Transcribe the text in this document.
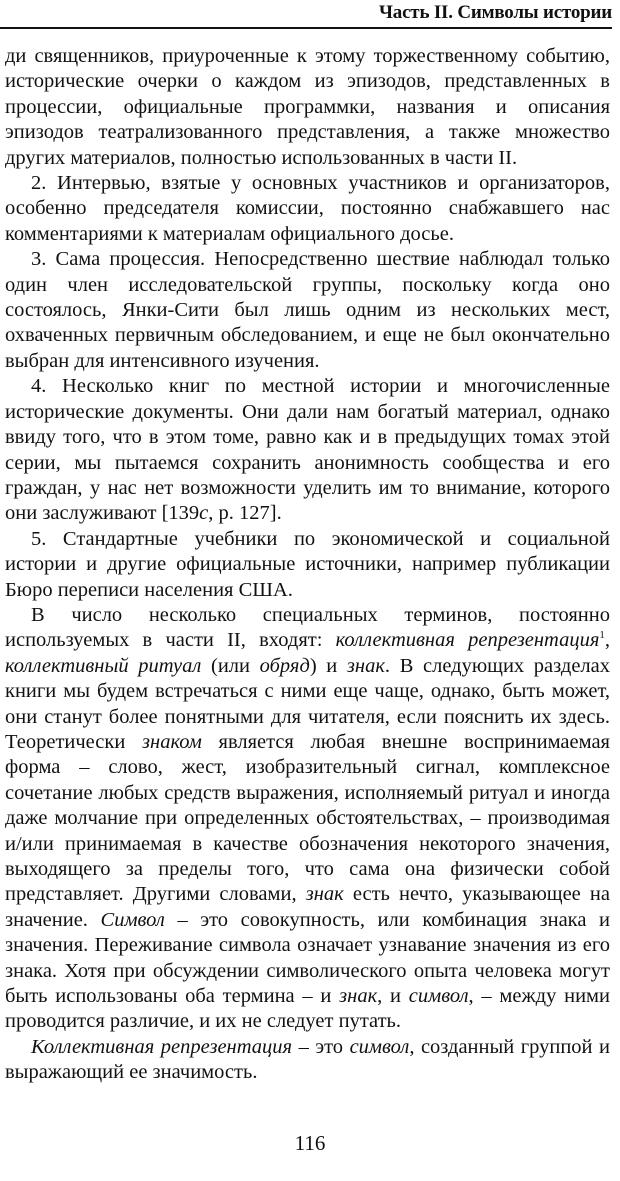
Часть II. Символы истории

ди священников, приуроченные к этому торжественному событию, исторические очерки о каждом из эпизодов, представленных в процессии, официальные программки, названия и описания эпизодов театрализованного представления, а также множество других материалов, полностью использованных в части II.

2. Интервью, взятые у основных участников и организаторов, особенно председателя комиссии, постоянно снабжавшего нас комментариями к материалам официального досье.

3. Сама процессия. Непосредственно шествие наблюдал только один член исследовательской группы, поскольку когда оно состоялось, Янки-Сити был лишь одним из нескольких мест, охваченных первичным обследованием, и еще не был окончательно выбран для интенсивного изучения.

4. Несколько книг по местной истории и многочисленные исторические документы. Они дали нам богатый материал, однако ввиду того, что в этом томе, равно как и в предыдущих томах этой серии, мы пытаемся сохранить анонимность сообщества и его граждан, у нас нет возможности уделить им то внимание, которого они заслуживают [139c, p. 127].

5. Стандартные учебники по экономической и социальной истории и другие официальные источники, например публикации Бюро переписи населения США.

В число несколько специальных терминов, постоянно используемых в части II, входят: коллективная репрезентация$^1$, коллективный ритуал (или обряд) и знак. В следующих разделах книги мы будем встречаться с ними еще чаще, однако, быть может, они станут более понятными для читателя, если пояснить их здесь. Теоретически знаком является любая внешне воспринимаемая форма – слово, жест, изобразительный сигнал, комплексное сочетание любых средств выражения, исполняемый ритуал и иногда даже молчание при определенных обстоятельствах, – производимая и/или принимаемая в качестве обозначения некоторого значения, выходящего за пределы того, что сама она физически собой представляет. Другими словами, знак есть нечто, указывающее на значение. Символ – это совокупность, или комбинация знака и значения. Переживание символа означает узнавание значения из его знака. Хотя при обсуждении символического опыта человека могут быть использованы оба термина – и знак, и символ, – между ними проводится различие, и их не следует путать.

Коллективная репрезентация – это символ, созданный группой и выражающий ее значимость.

116
